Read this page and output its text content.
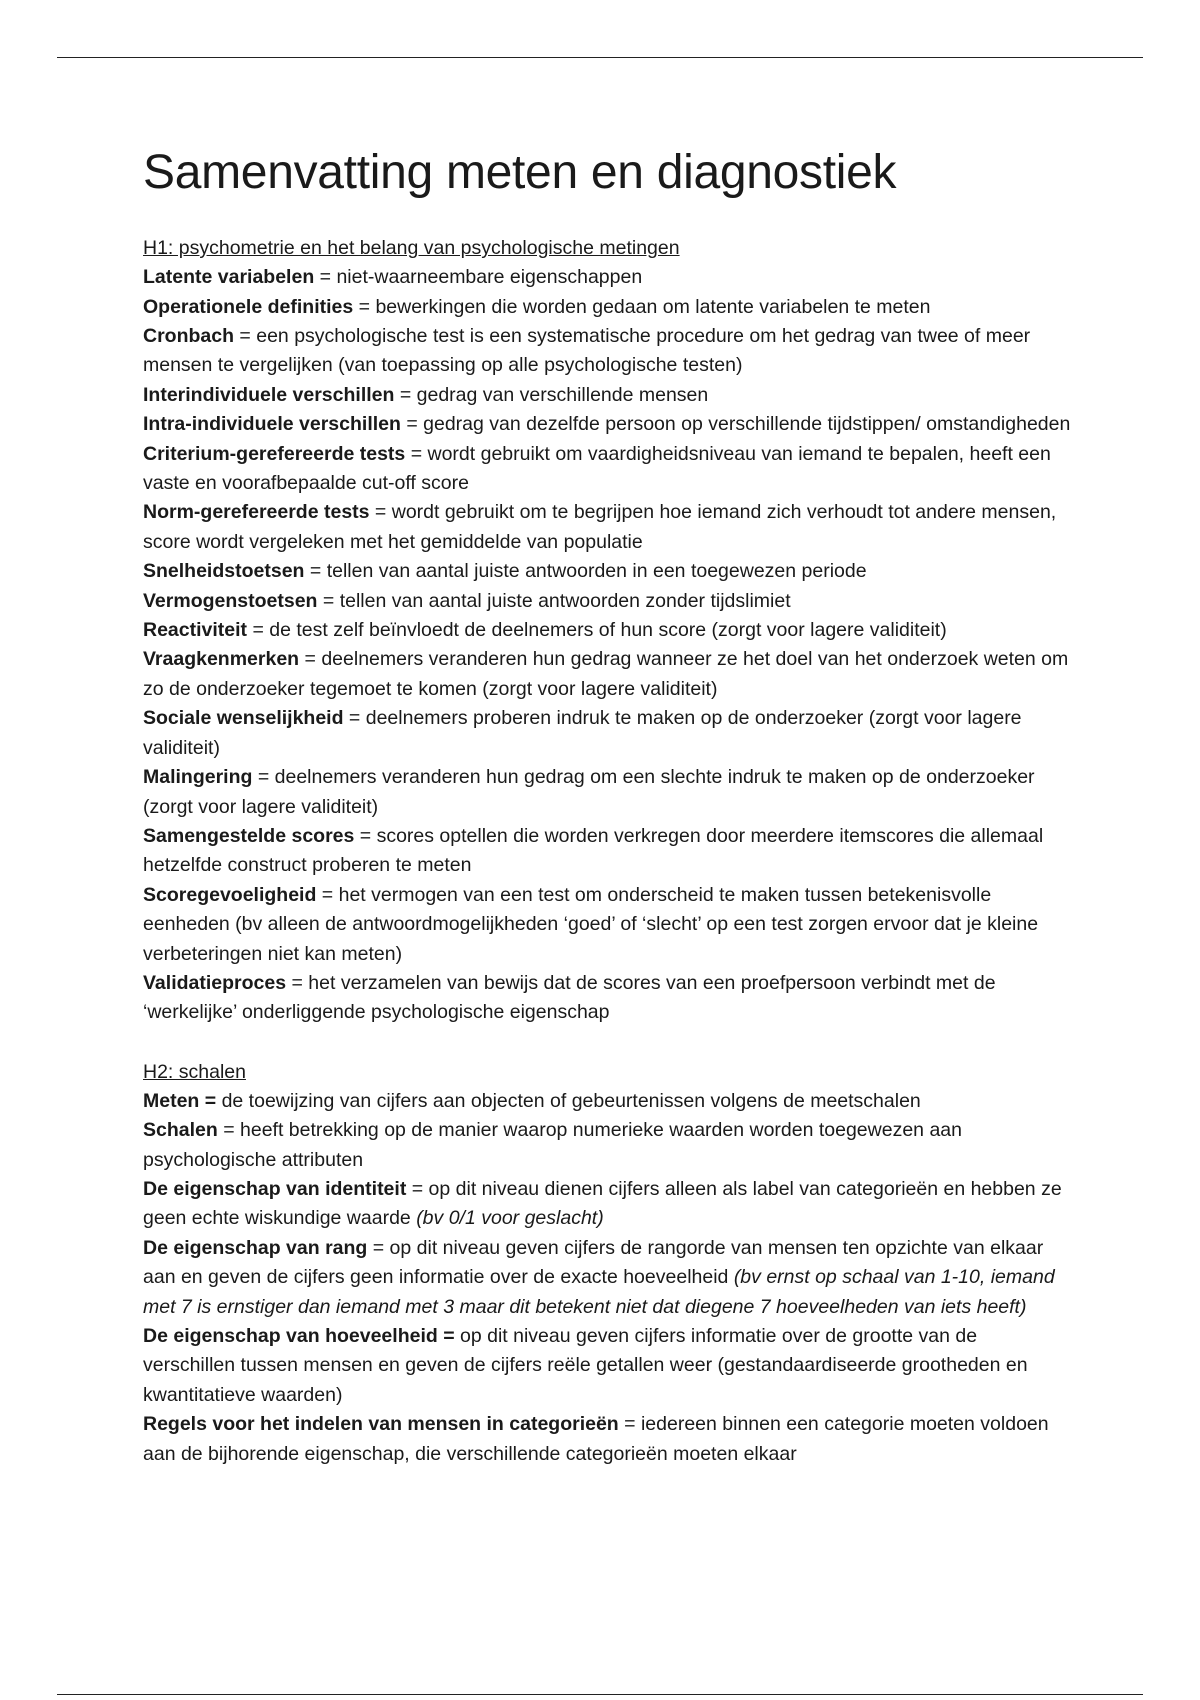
Samenvatting meten en diagnostiek

H1: psychometrie en het belang van psychologische metingen

Latente variabelen = niet-waarneembare eigenschappen

Operationele definities = bewerkingen die worden gedaan om latente variabelen te meten

Cronbach = een psychologische test is een systematische procedure om het gedrag van twee of meer mensen te vergelijken (van toepassing op alle psychologische testen)

Interindividuele verschillen = gedrag van verschillende mensen

Intra-individuele verschillen = gedrag van dezelfde persoon op verschillende tijdstippen/ omstandigheden

Criterium-gerefereerde tests = wordt gebruikt om vaardigheidsniveau van iemand te bepalen, heeft een vaste en voorafbepaalde cut-off score

Norm-gerefereerde tests = wordt gebruikt om te begrijpen hoe iemand zich verhoudt tot andere mensen, score wordt vergeleken met het gemiddelde van populatie

Snelheidstoetsen = tellen van aantal juiste antwoorden in een toegewezen periode

Vermogenstoetsen = tellen van aantal juiste antwoorden zonder tijdslimiet

Reactiviteit = de test zelf beïnvloedt de deelnemers of hun score (zorgt voor lagere validiteit)

Vraagkenmerken = deelnemers veranderen hun gedrag wanneer ze het doel van het onderzoek weten om zo de onderzoeker tegemoet te komen (zorgt voor lagere validiteit)

Sociale wenselijkheid = deelnemers proberen indruk te maken op de onderzoeker (zorgt voor lagere validiteit)

Malingering = deelnemers veranderen hun gedrag om een slechte indruk te maken op de onderzoeker (zorgt voor lagere validiteit)

Samengestelde scores = scores optellen die worden verkregen door meerdere itemscores die allemaal hetzelfde construct proberen te meten

Scoregevoeligheid = het vermogen van een test om onderscheid te maken tussen betekenisvolle eenheden (bv alleen de antwoordmogelijkheden ‘goed’ of ‘slecht’ op een test zorgen ervoor dat je kleine verbeteringen niet kan meten)

Validatieproces = het verzamelen van bewijs dat de scores van een proefpersoon verbindt met de ‘werkelijke’ onderliggende psychologische eigenschap

H2: schalen

Meten = de toewijzing van cijfers aan objecten of gebeurtenissen volgens de meetschalen

Schalen = heeft betrekking op de manier waarop numerieke waarden worden toegewezen aan psychologische attributen

De eigenschap van identiteit = op dit niveau dienen cijfers alleen als label van categorieën en hebben ze geen echte wiskundige waarde (bv 0/1 voor geslacht)

De eigenschap van rang = op dit niveau geven cijfers de rangorde van mensen ten opzichte van elkaar aan en geven de cijfers geen informatie over de exacte hoeveelheid (bv ernst op schaal van 1-10, iemand met 7 is ernstiger dan iemand met 3 maar dit betekent niet dat diegene 7 hoeveelheden van iets heeft)

De eigenschap van hoeveelheid = op dit niveau geven cijfers informatie over de grootte van de verschillen tussen mensen en geven de cijfers reële getallen weer (gestandaardiseerde grootheden en kwantitatieve waarden)

Regels voor het indelen van mensen in categorieën = iedereen binnen een categorie moeten voldoen aan de bijhorende eigenschap, die verschillende categorieën moeten elkaar
